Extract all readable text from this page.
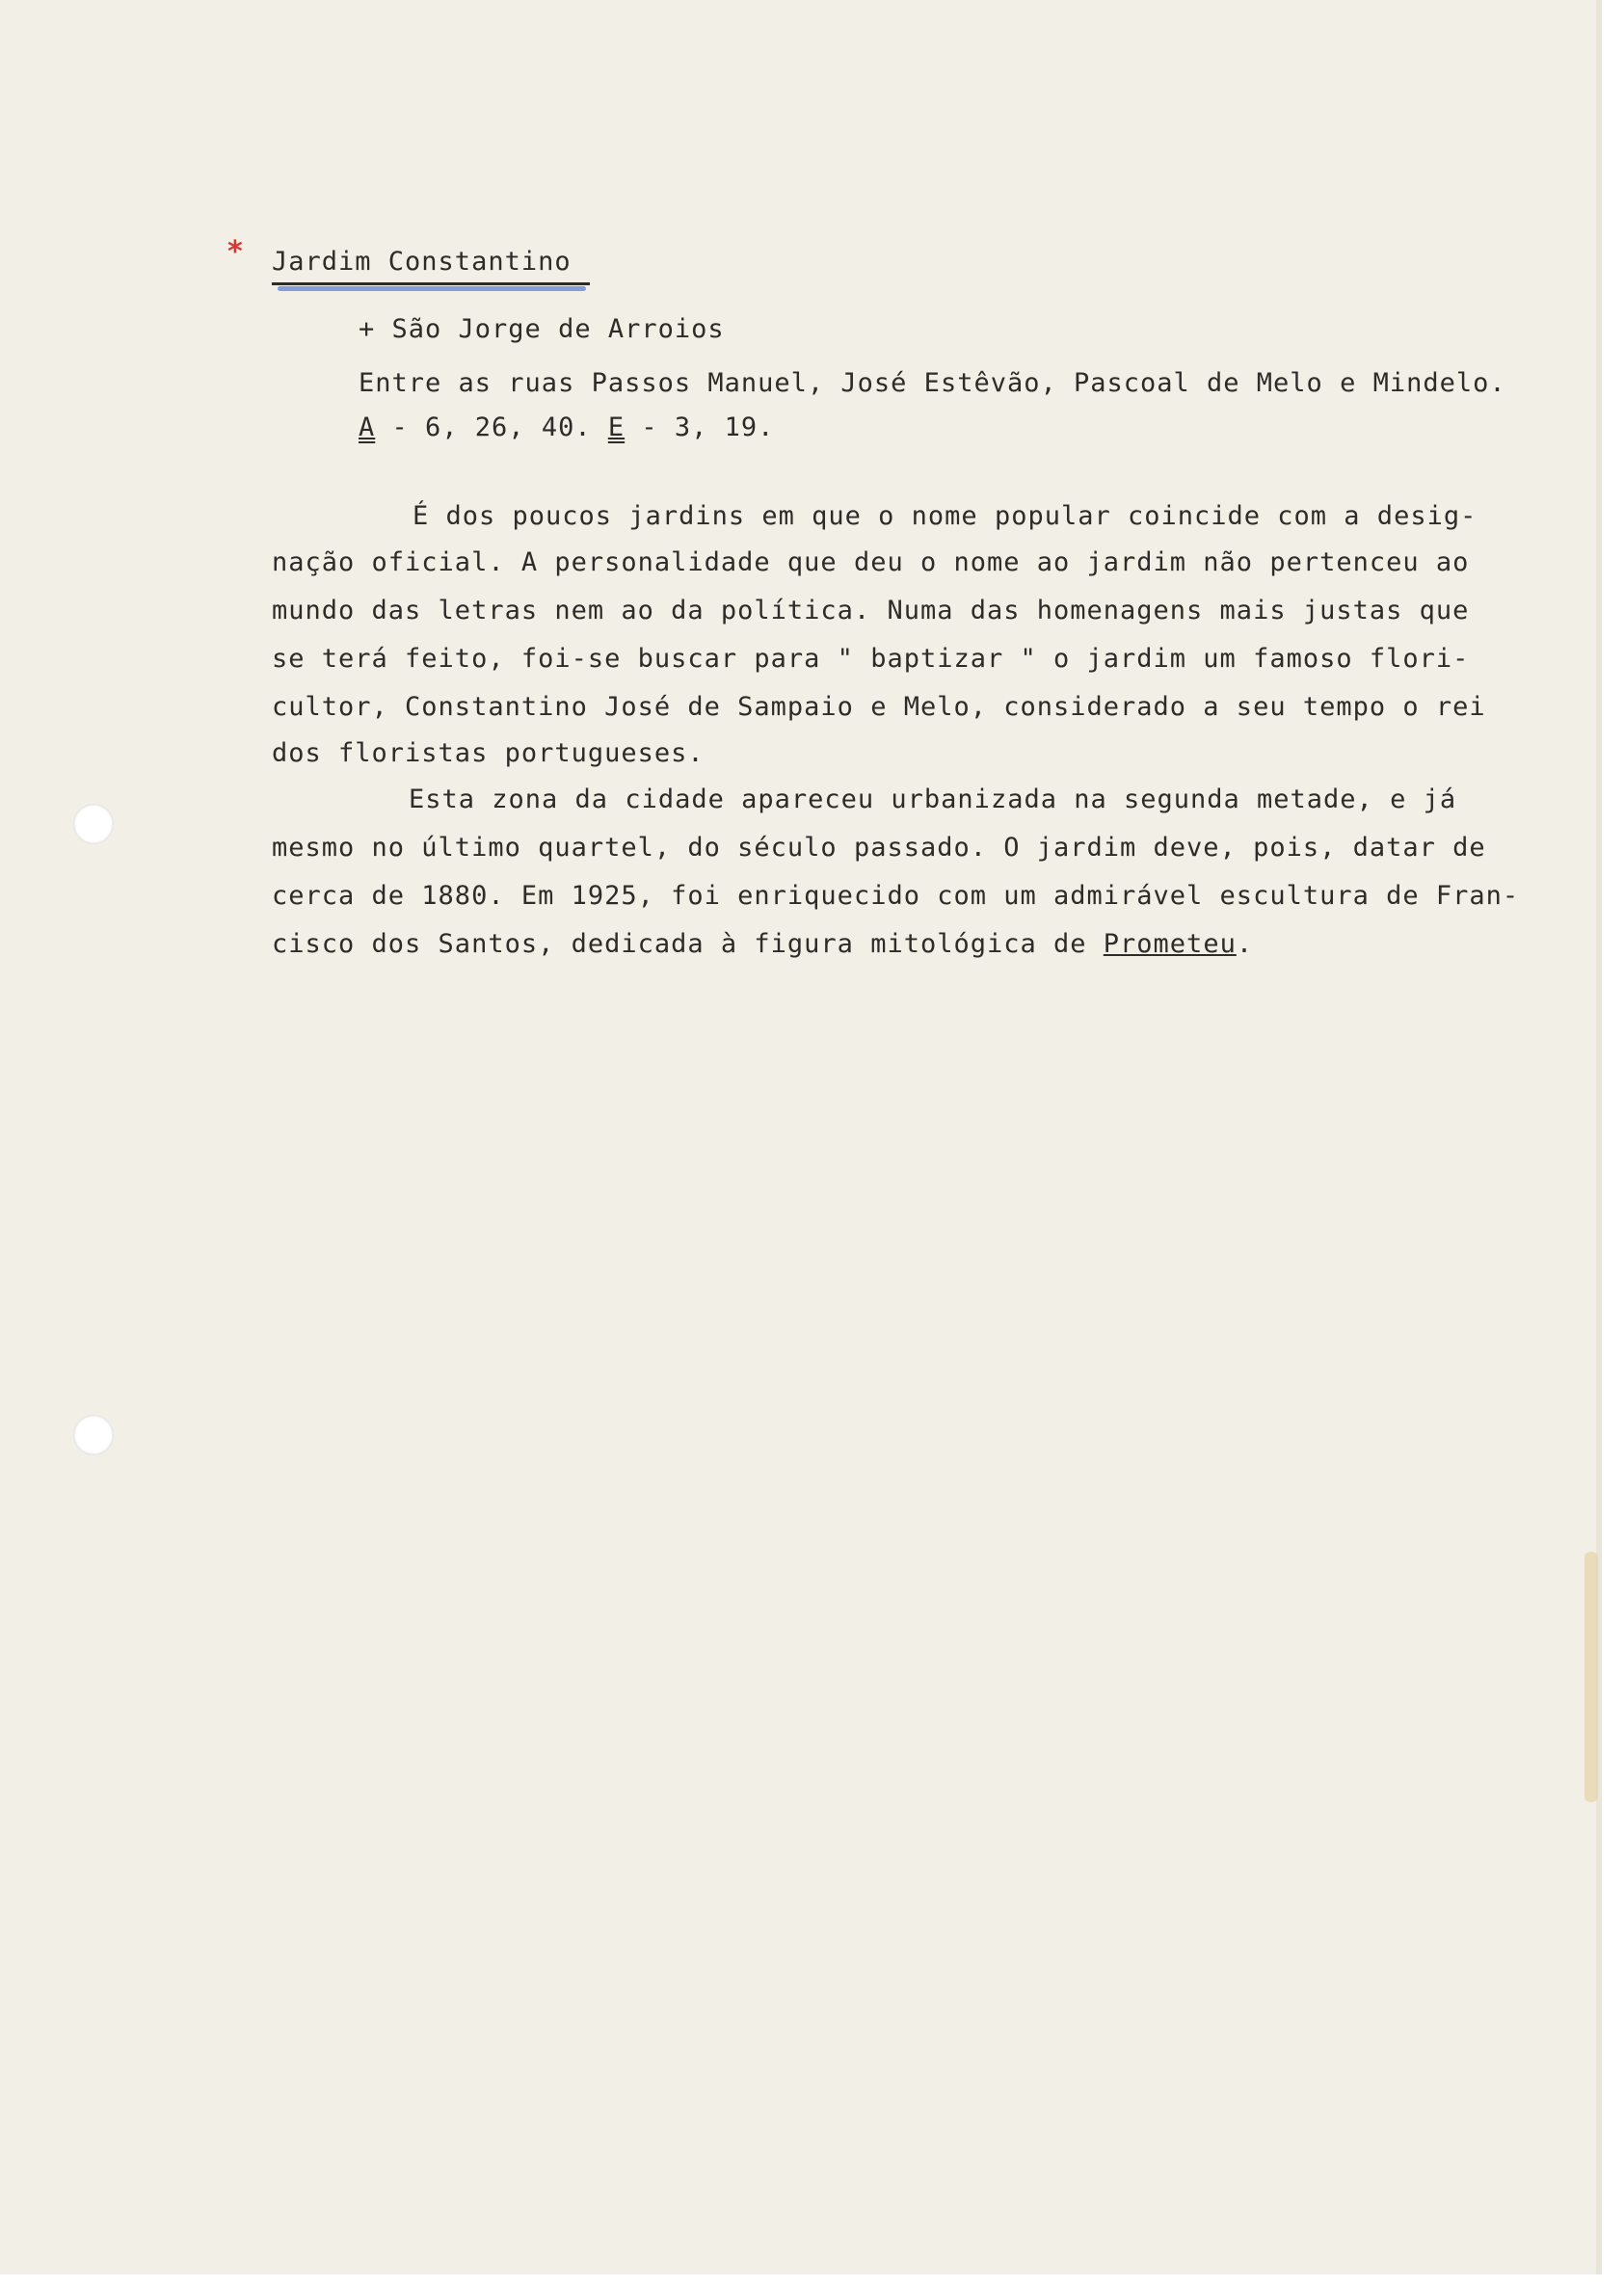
* Jardim Constantino
+ São Jorge de Arroios
Entre as ruas Passos Manuel, José Estêvão, Pascoal de Melo e Mindelo.
A - 6, 26, 40. E - 3, 19.
É dos poucos jardins em que o nome popular coincide com a desig-
nação oficial. A personalidade que deu o nome ao jardim não pertenceu ao
mundo das letras nem ao da política. Numa das homenagens mais justas que
se terá feito, foi-se buscar para " baptizar " o jardim um famoso flori-
cultor, Constantino José de Sampaio e Melo, considerado a seu tempo o rei
dos floristas portugueses.
Esta zona da cidade apareceu urbanizada na segunda metade, e já
mesmo no último quartel, do século passado. O jardim deve, pois, datar de
cerca de 1880. Em 1925, foi enriquecido com um admirável escultura de Fran-
cisco dos Santos, dedicada à figura mitológica de Prometeu.
